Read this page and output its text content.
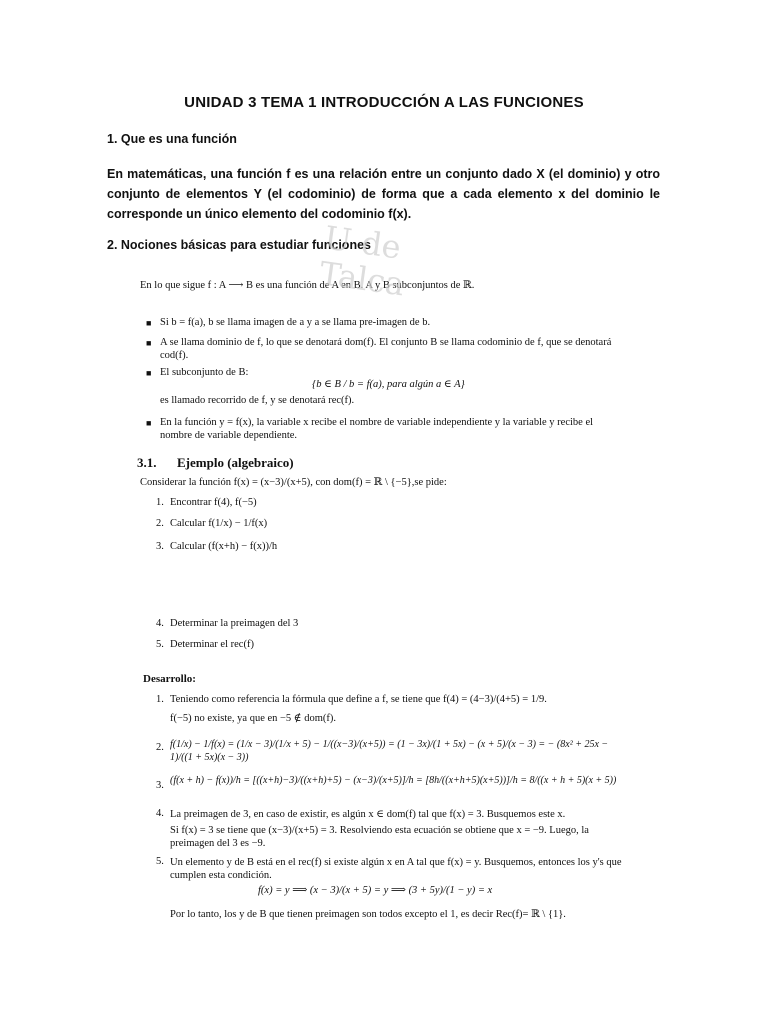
UNIDAD 3 TEMA 1 INTRODUCCIÓN A LAS FUNCIONES
1. Que es una función
En matemáticas, una función f es una relación entre un conjunto dado X (el dominio) y otro conjunto de elementos Y (el codominio) de forma que a cada elemento x del dominio le corresponde un único elemento del codominio f(x).
2. Nociones básicas para estudiar funciones
En lo que sigue f : A ⟶ B es una función de A en B. A y B subconjuntos de ℝ.
■ Si b = f(a), b se llama imagen de a y a se llama pre-imagen de b.
■ A se llama dominio de f, lo que se denotará dom(f). El conjunto B se llama codominio de f, que se denotará cod(f).
■ El subconjunto de B:
{b ∈ B / b = f(a), para algún a ∈ A}
es llamado recorrido de f, y se denotará rec(f).
■ En la función y = f(x), la variable x recibe el nombre de variable independiente y la variable y recibe el nombre de variable dependiente.
3.1. Ejemplo (algebraico)
Considerar la función f(x) = (x−3)/(x+5), con dom(f) = ℝ \ {−5},se pide:
1. Encontrar f(4), f(−5)
2. Calcular f(1/x) − 1/f(x)
3. Calcular (f(x+h) − f(x))/h
4. Determinar la preimagen del 3
5. Determinar el rec(f)
Desarrollo:
1. Teniendo como referencia la fórmula que define a f, se tiene que f(4) = (4−3)/(4+5) = 1/9.
f(−5) no existe, ya que en −5 ∉ dom(f).
2. f(1/x) − 1/f(x) = (1/x − 3)/(1/x + 5) − 1/((x−3)/(x+5)) = (1 − 3x)/(1 + 5x) − (x + 5)/(x − 3) = − (8x² + 25x − 1)/((1 + 5x)(x − 3))
3. (f(x + h) − f(x))/h = [((x+h)−3)/((x+h)+5) − (x−3)/(x+5)]/h = [8h/((x+h+5)(x+5))]/h = 8/((x + h + 5)(x + 5))
4. La preimagen de 3, en caso de existir, es algún x ∈ dom(f) tal que f(x) = 3. Busquemos este x.
Si f(x) = 3 se tiene que (x−3)/(x+5) = 3. Resolviendo esta ecuación se obtiene que x = −9. Luego, la preimagen del 3 es −9.
5. Un elemento y de B está en el rec(f) si existe algún x en A tal que f(x) = y. Busquemos, entonces los y's que cumplen esta condición.
f(x) = y ⟹ (x − 3)/(x + 5) = y ⟹ (3 + 5y)/(1 − y) = x
Por lo tanto, los y de B que tienen preimagen son todos excepto el 1, es decir Rec(f)= ℝ \ {1}.
U de Talca
